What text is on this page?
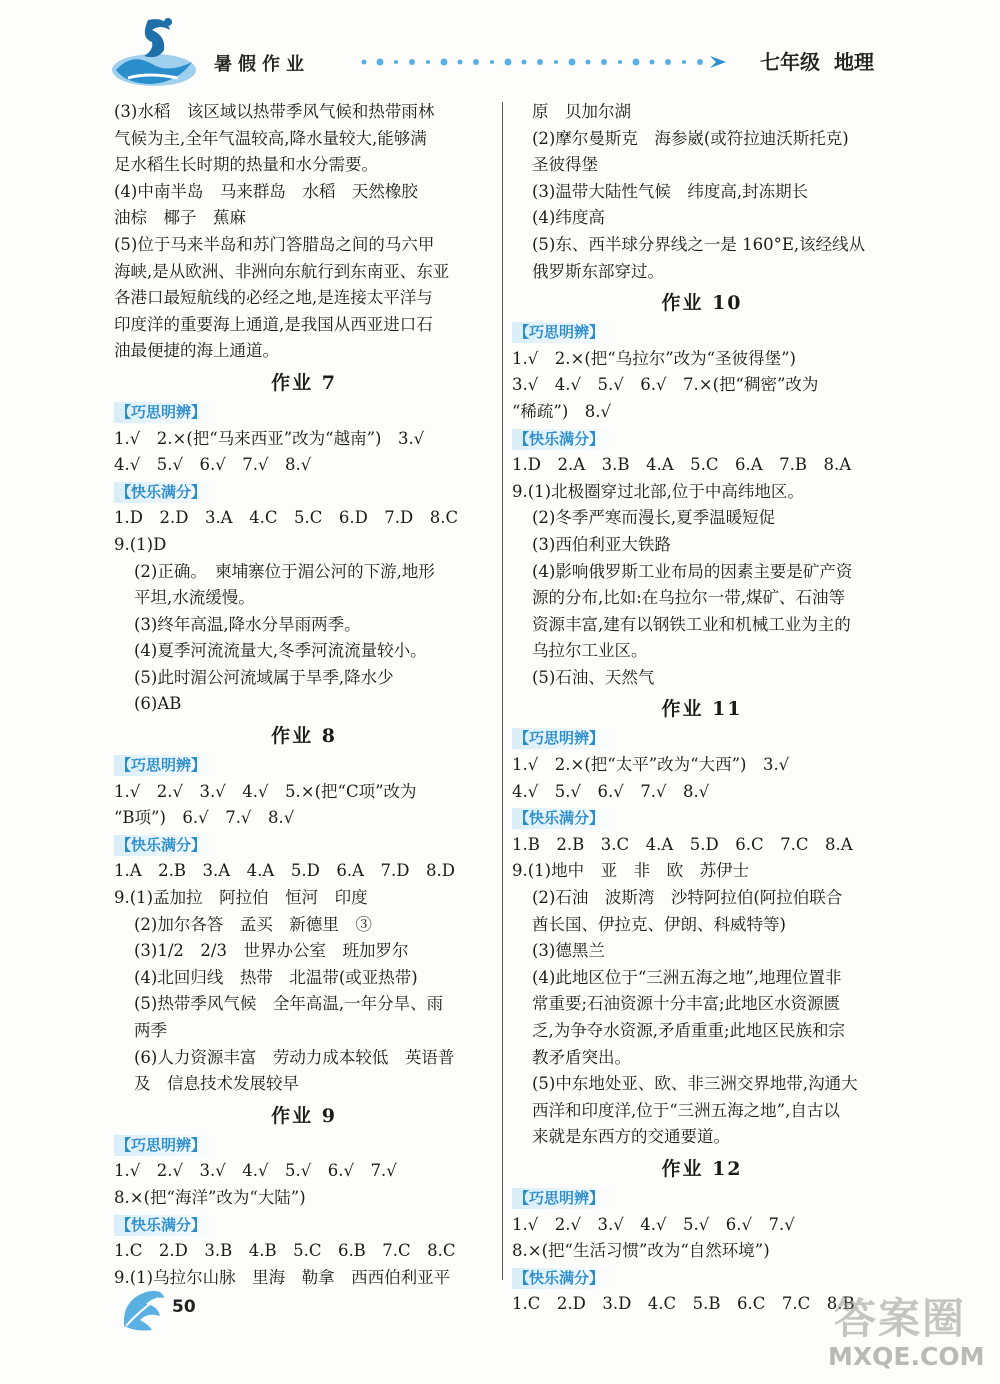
暑假作业	七年级 地理
(3)水稻　该区域以热带季风气候和热带雨林
气候为主,全年气温较高,降水量较大,能够满
足水稻生长时期的热量和水分需要。
(4)中南半岛　马来群岛　水稻　天然橡胶
油棕　椰子　蕉麻
(5)位于马来半岛和苏门答腊岛之间的马六甲
海峡,是从欧洲、非洲向东航行到东南亚、东亚
各港口最短航线的必经之地,是连接太平洋与
印度洋的重要海上通道,是我国从西亚进口石
油最便捷的海上通道。
作业 7
【巧思明辨】
1.√　2.×(把“马来西亚”改为“越南”)　3.√
4.√　5.√　6.√　7.√　8.√
【快乐满分】
1.D　2.D　3.A　4.C　5.C　6.D　7.D　8.C
9.(1)D
(2)正确。　柬埔寨位于湄公河的下游,地形
平坦,水流缓慢。
(3)终年高温,降水分旱雨两季。
(4)夏季河流流量大,冬季河流流量较小。
(5)此时湄公河流域属于旱季,降水少
(6)AB
作业 8
【巧思明辨】
1.√　2.√　3.√　4.√　5.×(把“C项”改为
“B项”)　6.√　7.√　8.√
【快乐满分】
1.A　2.B　3.A　4.A　5.D　6.A　7.D　8.D
9.(1)孟加拉　阿拉伯　恒河　印度
(2)加尔各答　孟买　新德里　③
(3)1/2　2/3　世界办公室　班加罗尔
(4)北回归线　热带　北温带(或亚热带)
(5)热带季风气候　全年高温,一年分旱、雨
两季
(6)人力资源丰富　劳动力成本较低　英语普
及　信息技术发展较早
作业 9
【巧思明辨】
1.√　2.√　3.√　4.√　5.√　6.√　7.√
8.×(把“海洋”改为“大陆”)
【快乐满分】
1.C　2.D　3.B　4.B　5.C　6.B　7.C　8.C
9.(1)乌拉尔山脉　里海　勒拿　西西伯利亚平
原　贝加尔湖
(2)摩尔曼斯克　海参崴(或符拉迪沃斯托克)
圣彼得堡
(3)温带大陆性气候　纬度高,封冻期长
(4)纬度高
(5)东、西半球分界线之一是 160°E,该经线从
俄罗斯东部穿过。
作业 10
【巧思明辨】
1.√　2.×(把“乌拉尔”改为“圣彼得堡”)
3.√　4.√　5.√　6.√　7.×(把“稠密”改为
“稀疏”)　8.√
【快乐满分】
1.D　2.A　3.B　4.A　5.C　6.A　7.B　8.A
9.(1)北极圈穿过北部,位于中高纬地区。
(2)冬季严寒而漫长,夏季温暖短促
(3)西伯利亚大铁路
(4)影响俄罗斯工业布局的因素主要是矿产资
源的分布,比如:在乌拉尔一带,煤矿、石油等
资源丰富,建有以钢铁工业和机械工业为主的
乌拉尔工业区。
(5)石油、天然气
作业 11
【巧思明辨】
1.√　2.×(把“太平”改为“大西”)　3.√
4.√　5.√　6.√　7.√　8.√
【快乐满分】
1.B　2.B　3.C　4.A　5.D　6.C　7.C　8.A
9.(1)地中　亚　非　欧　苏伊士
(2)石油　波斯湾　沙特阿拉伯(阿拉伯联合
酋长国、伊拉克、伊朗、科威特等)
(3)德黑兰
(4)此地区位于“三洲五海之地”,地理位置非
常重要;石油资源十分丰富;此地区水资源匮
乏,为争夺水资源,矛盾重重;此地区民族和宗
教矛盾突出。
(5)中东地处亚、欧、非三洲交界地带,沟通大
西洋和印度洋,位于“三洲五海之地”,自古以
来就是东西方的交通要道。
作业 12
【巧思明辨】
1.√　2.√　3.√　4.√　5.√　6.√　7.√
8.×(把“生活习惯”改为“自然环境”)
【快乐满分】
1.C　2.D　3.D　4.C　5.B　6.C　7.C　8.B
50	答案圈
MXQE.COM
